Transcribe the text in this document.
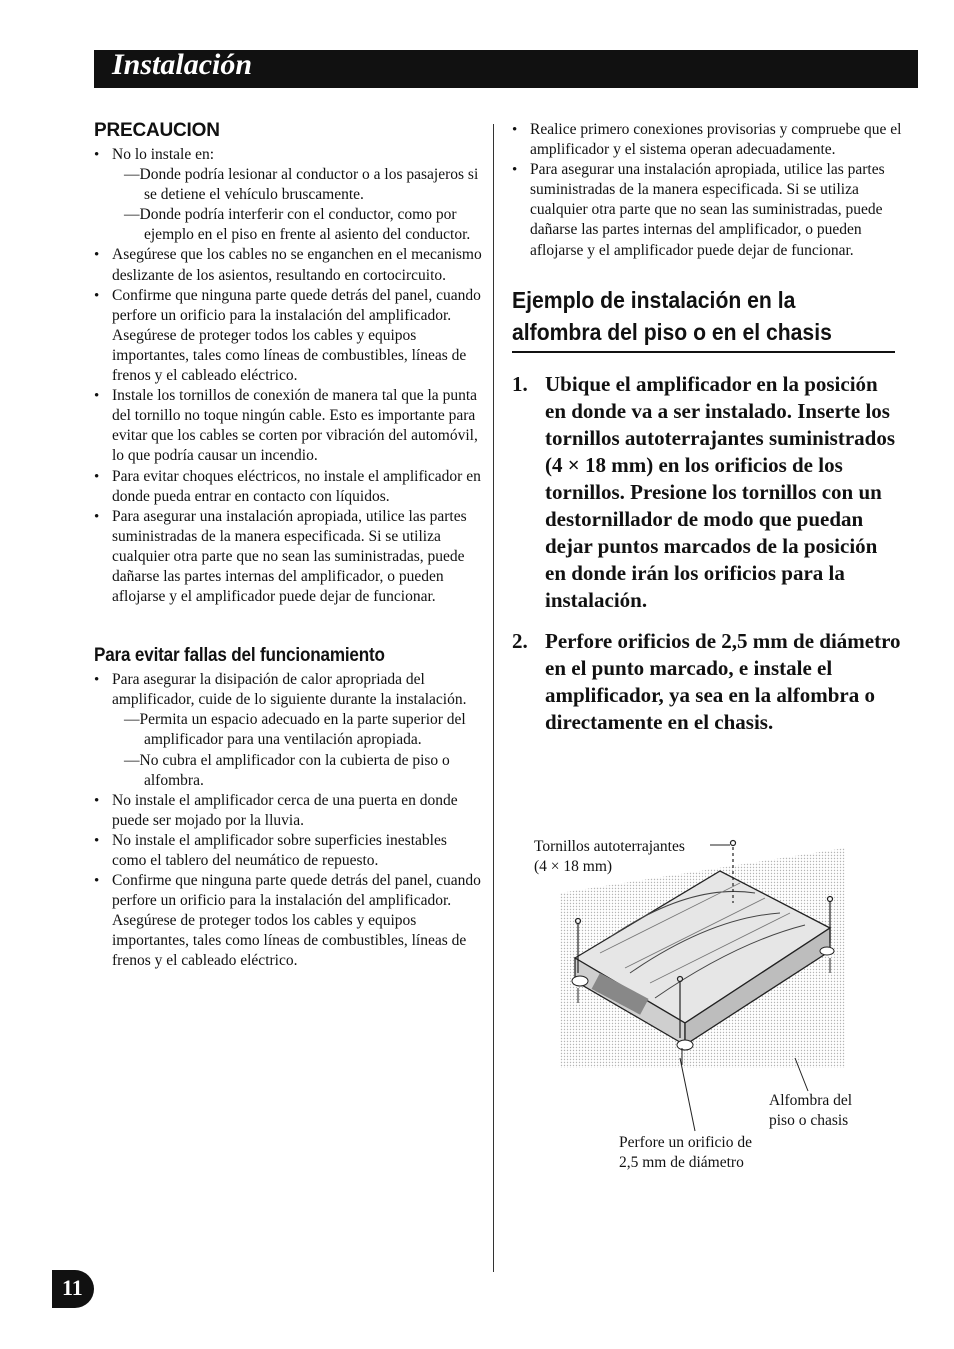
Instalación
PRECAUCION
• No lo instale en:
—Donde podría lesionar al conductor o a los pasajeros si se detiene el vehículo bruscamente.
—Donde podría interferir con el conductor, como por ejemplo en el piso en frente al asiento del conductor.
• Asegúrese que los cables no se enganchen en el mecanismo deslizante de los asientos, resultando en cortocircuito.
• Confirme que ninguna parte quede detrás del panel, cuando perfore un orificio para la instalación del amplificador. Asegúrese de proteger todos los cables y equipos importantes, tales como líneas de combustibles, líneas de frenos y el cableado eléctrico.
• Instale los tornillos de conexión de manera tal que la punta del tornillo no toque ningún cable. Esto es importante para evitar que los cables se corten por vibración del automóvil, lo que podría causar un incendio.
• Para evitar choques eléctricos, no instale el amplificador en donde pueda entrar en contacto con líquidos.
• Para asegurar una instalación apropiada, utilice las partes suministradas de la manera especificada. Si se utiliza cualquier otra parte que no sean las suministradas, puede dañarse las partes internas del amplificador, o pueden aflojarse y el amplificador puede dejar de funcionar.
Para evitar fallas del funcionamiento
• Para asegurar la disipación de calor apropriada del amplificador, cuide de lo siguiente durante la instalación.
—Permita un espacio adecuado en la parte superior del amplificador para una ventilación apropiada.
—No cubra el amplificador con la cubierta de piso o alfombra.
• No instale el amplificador cerca de una puerta en donde puede ser mojado por la lluvia.
• No instale el amplificador sobre superficies inestables como el tablero del neumático de repuesto.
• Confirme que ninguna parte quede detrás del panel, cuando perfore un orificio para la instalación del amplificador. Asegúrese de proteger todos los cables y equipos importantes, tales como líneas de combustibles, líneas de frenos y el cableado eléctrico.
• Realice primero conexiones provisorias y compruebe que el amplificador y el sistema operan adecuadamente.
• Para asegurar una instalación apropiada, utilice las partes suministradas de la manera especificada. Si se utiliza cualquier otra parte que no sean las suministradas, puede dañarse las partes internas del amplificador, o pueden aflojarse y el amplificador puede dejar de funcionar.
Ejemplo de instalación en la
alfombra del piso o en el chasis
1. Ubique el amplificador en la posición en donde va a ser instalado. Inserte los tornillos autoterrajantes suministrados (4 × 18 mm) en los orificios de los tornillos. Presione los tornillos con un destornillador de modo que puedan dejar puntos marcados de la posición en donde irán los orificios para la instalación.
2. Perfore orificios de 2,5 mm de diámetro en el punto marcado, e instale el amplificador, ya sea en la alfombra o directamente en el chasis.
Tornillos autoterrajantes
(4 × 18 mm)
Alfombra del
piso o chasis
Perfore un orificio de
2,5 mm de diámetro
11
